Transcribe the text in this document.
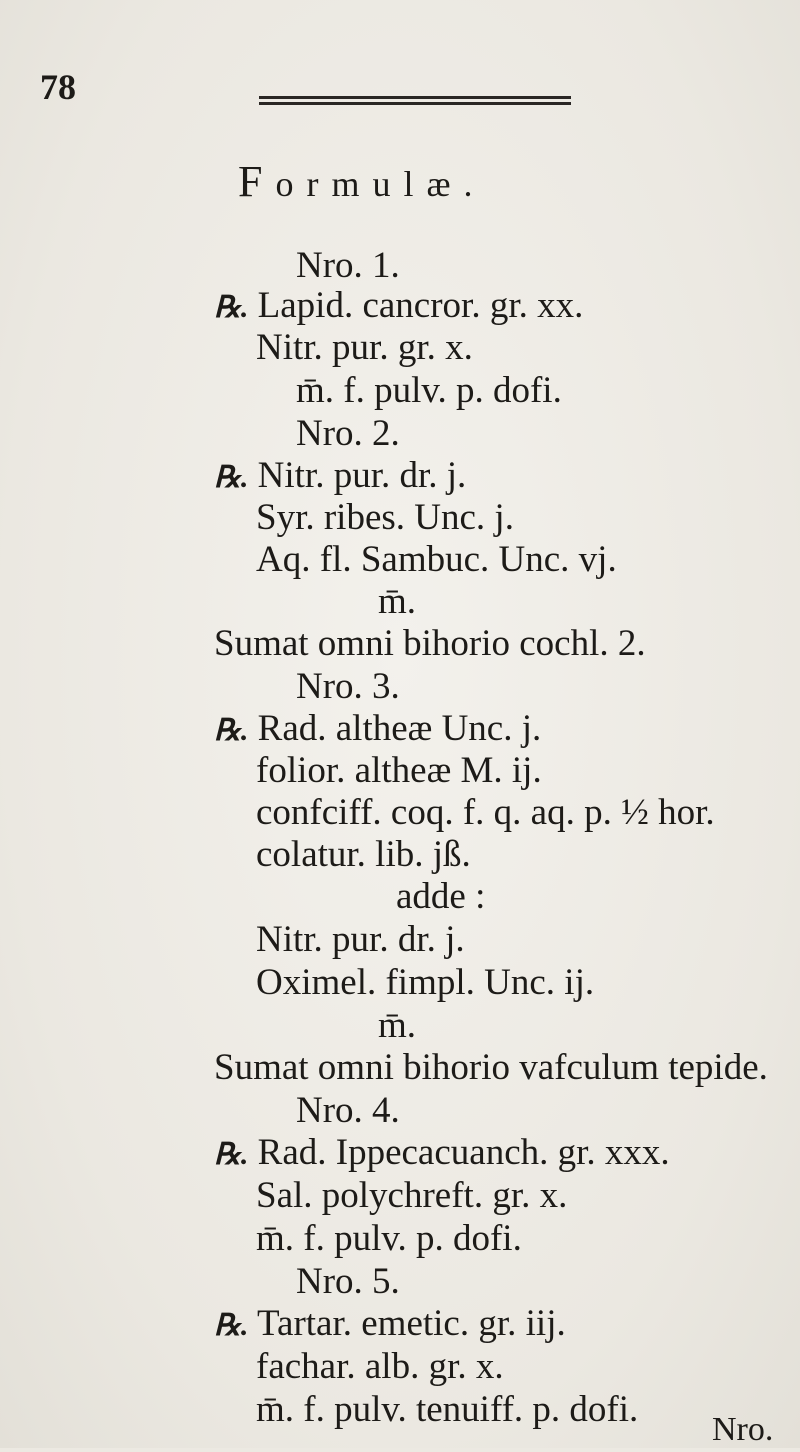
78
Formulæ.
Nro. 1.
℞. Lapid. cancror. gr. xx.
Nitr. pur. gr. x.
m̄. f. pulv. p. dofi.
Nro. 2.
℞. Nitr. pur. dr. j.
Syr. ribes. Unc. j.
Aq. fl. Sambuc. Unc. vj.
m̄.
Sumat omni bihorio cochl. 2.
Nro. 3.
℞. Rad. altheæ Unc. j.
folior. altheæ M. ij.
confciff. coq. f. q. aq. p. ½ hor.
colatur. lib. jß.
adde :
Nitr. pur. dr. j.
Oximel. fimpl. Unc. ij.
m̄.
Sumat omni bihorio vafculum tepide.
Nro. 4.
℞. Rad. Ippecacuanch. gr. xxx.
Sal. polychreft. gr. x.
m̄. f. pulv. p. dofi.
Nro. 5.
℞. Tartar. emetic. gr. iij.
fachar. alb. gr. x.
m̄. f. pulv. tenuiff. p. dofi. Nro.
